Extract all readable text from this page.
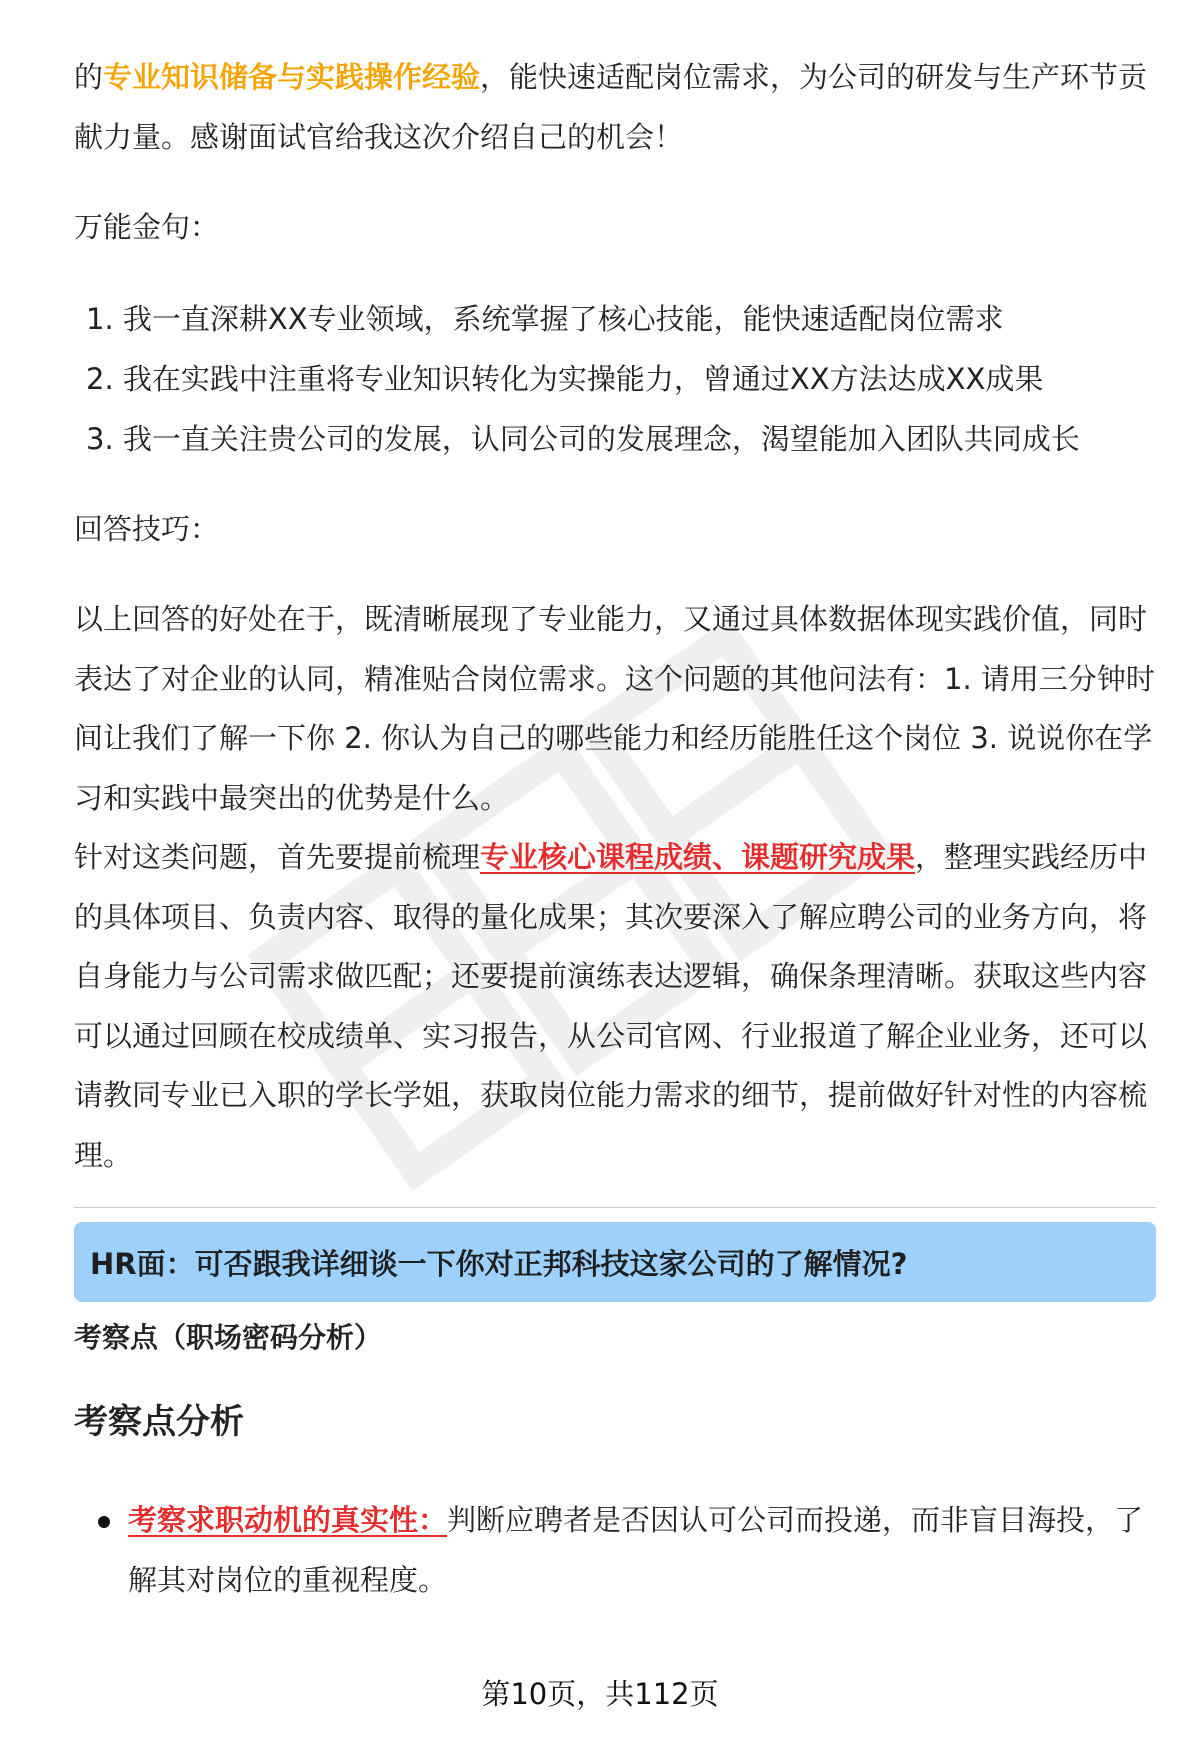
的专业知识储备与实践操作经验，能快速适配岗位需求，为公司的研发与生产环节贡献力量。感谢面试官给我这次介绍自己的机会！

万能金句：

1. 我一直深耕XX专业领域，系统掌握了核心技能，能快速适配岗位需求
2. 我在实践中注重将专业知识转化为实操能力，曾通过XX方法达成XX成果
3. 我一直关注贵公司的发展，认同公司的发展理念，渴望能加入团队共同成长

回答技巧：

以上回答的好处在于，既清晰展现了专业能力，又通过具体数据体现实践价值，同时表达了对企业的认同，精准贴合岗位需求。这个问题的其他问法有：1. 请用三分钟时间让我们了解一下你 2. 你认为自己的哪些能力和经历能胜任这个岗位 3. 说说你在学习和实践中最突出的优势是什么。

针对这类问题，首先要提前梳理专业核心课程成绩、课题研究成果，整理实践经历中的具体项目、负责内容、取得的量化成果；其次要深入了解应聘公司的业务方向，将自身能力与公司需求做匹配；还要提前演练表达逻辑，确保条理清晰。获取这些内容可以通过回顾在校成绩单、实习报告，从公司官网、行业报道了解企业业务，还可以请教同专业已入职的学长学姐，获取岗位能力需求的细节，提前做好针对性的内容梳理。

HR面：可否跟我详细谈一下你对正邦科技这家公司的了解情况?

考察点（职场密码分析）

考察点分析

考察求职动机的真实性：判断应聘者是否因认可公司而投递，而非盲目海投，了解其对岗位的重视程度。
第10页，共112页
